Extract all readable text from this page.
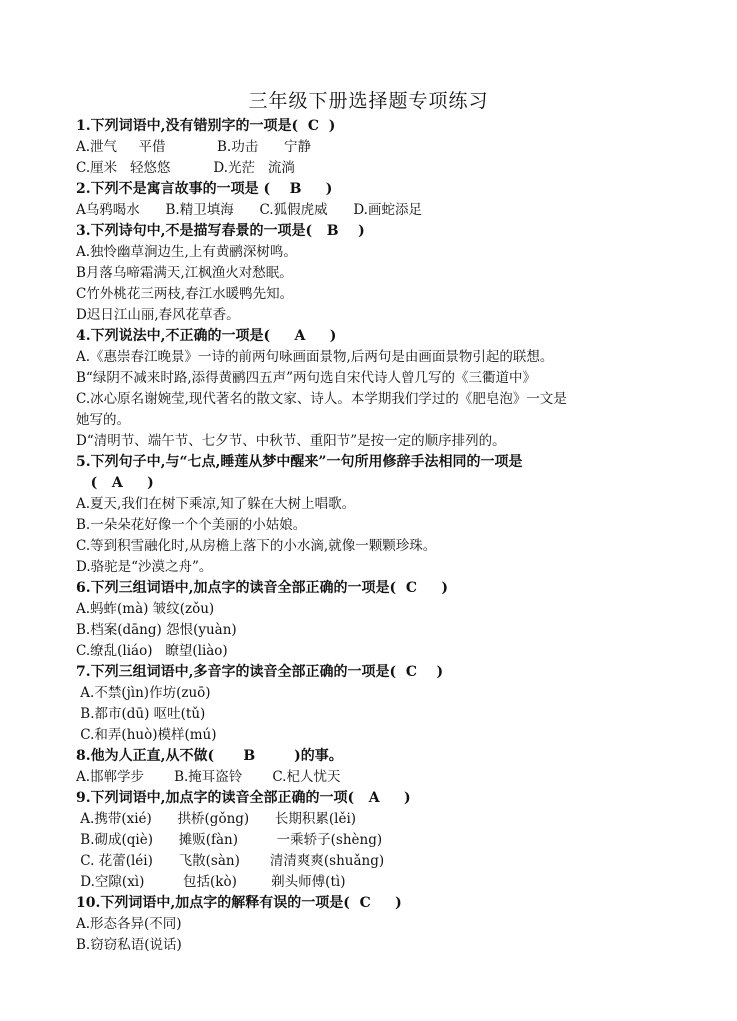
三年级下册选择题专项练习
1.下列词语中,没有错别字的一项是(  C  )
A.泄气     平借            B.功击      宁静
C.厘米   轻悠悠          D.光茫   流淌
2.下列不是寓言故事的一项是 (    B     )
A乌鸦喝水      B.精卫填海      C.狐假虎威      D.画蛇添足
3.下列诗句中,不是描写春景的一项是(   B    )
A.独怜幽草涧边生,上有黄鹂深树鸣。
B月落乌啼霜满天,江枫渔火对愁眠。
C竹外桃花三两枝,春江水暖鸭先知。
D迟日江山丽,春风花草香。
4.下列说法中,不正确的一项是(     A     )
A.《惠崇春江晚景》一诗的前两句咏画面景物,后两句是由画面景物引起的联想。
B“绿阴不减来时路,添得黄鹂四五声”两句选自宋代诗人曾几写的《三衢道中》
C.冰心原名谢婉莹,现代著名的散文家、诗人。本学期我们学过的《肥皂泡》一文是
她写的。
D“清明节、端午节、七夕节、中秋节、重阳节”是按一定的顺序排列的。
5.下列句子中,与“七点,睡莲从梦中醒来”一句所用修辞手法相同的一项是
(   A     )
A.夏天,我们在树下乘凉,知了躲在大树上唱歌。
B.一朵朵花好像一个个美丽的小姑娘。
C.等到积雪融化时,从房檐上落下的小水滴,就像一颗颗珍珠。
D.骆驼是“沙漠之舟”。
6.下列三组词语中,加点字的读音全部正确的一项是(  C     )
A.蚂蚱(mà) 皱纹(zǒu)
B.档案(dāng) 怨恨(yuàn)
C.缭乱(liáo)   瞭望(liào)
7.下列三组词语中,多音字的读音全部正确的一项是(  C    )
A.不禁(jìn)作坊(zuō)
B.都市(dū) 呕吐(tǔ)
C.和弄(huò)模样(mú)
8.他为人正直,从不做(      B        )的事。
A.邯郸学步       B.掩耳盗铃       C.杞人忧天
9.下列词语中,加点字的读音全部正确的一项(   A     )
A.携带(xié)      拱桥(gǒng)      长期积累(lěi)
B.砌成(qiè)      摊贩(fàn)         一乘轿子(shèng)
C. 花蕾(léi)      飞散(sàn)       清清爽爽(shuǎng)
D.空隙(xì)         包括(kò)        剃头师傅(tì)
10.下列词语中,加点字的解释有误的一项是(  C     )
A.形态各异(不同)
B.窃窃私语(说话)
